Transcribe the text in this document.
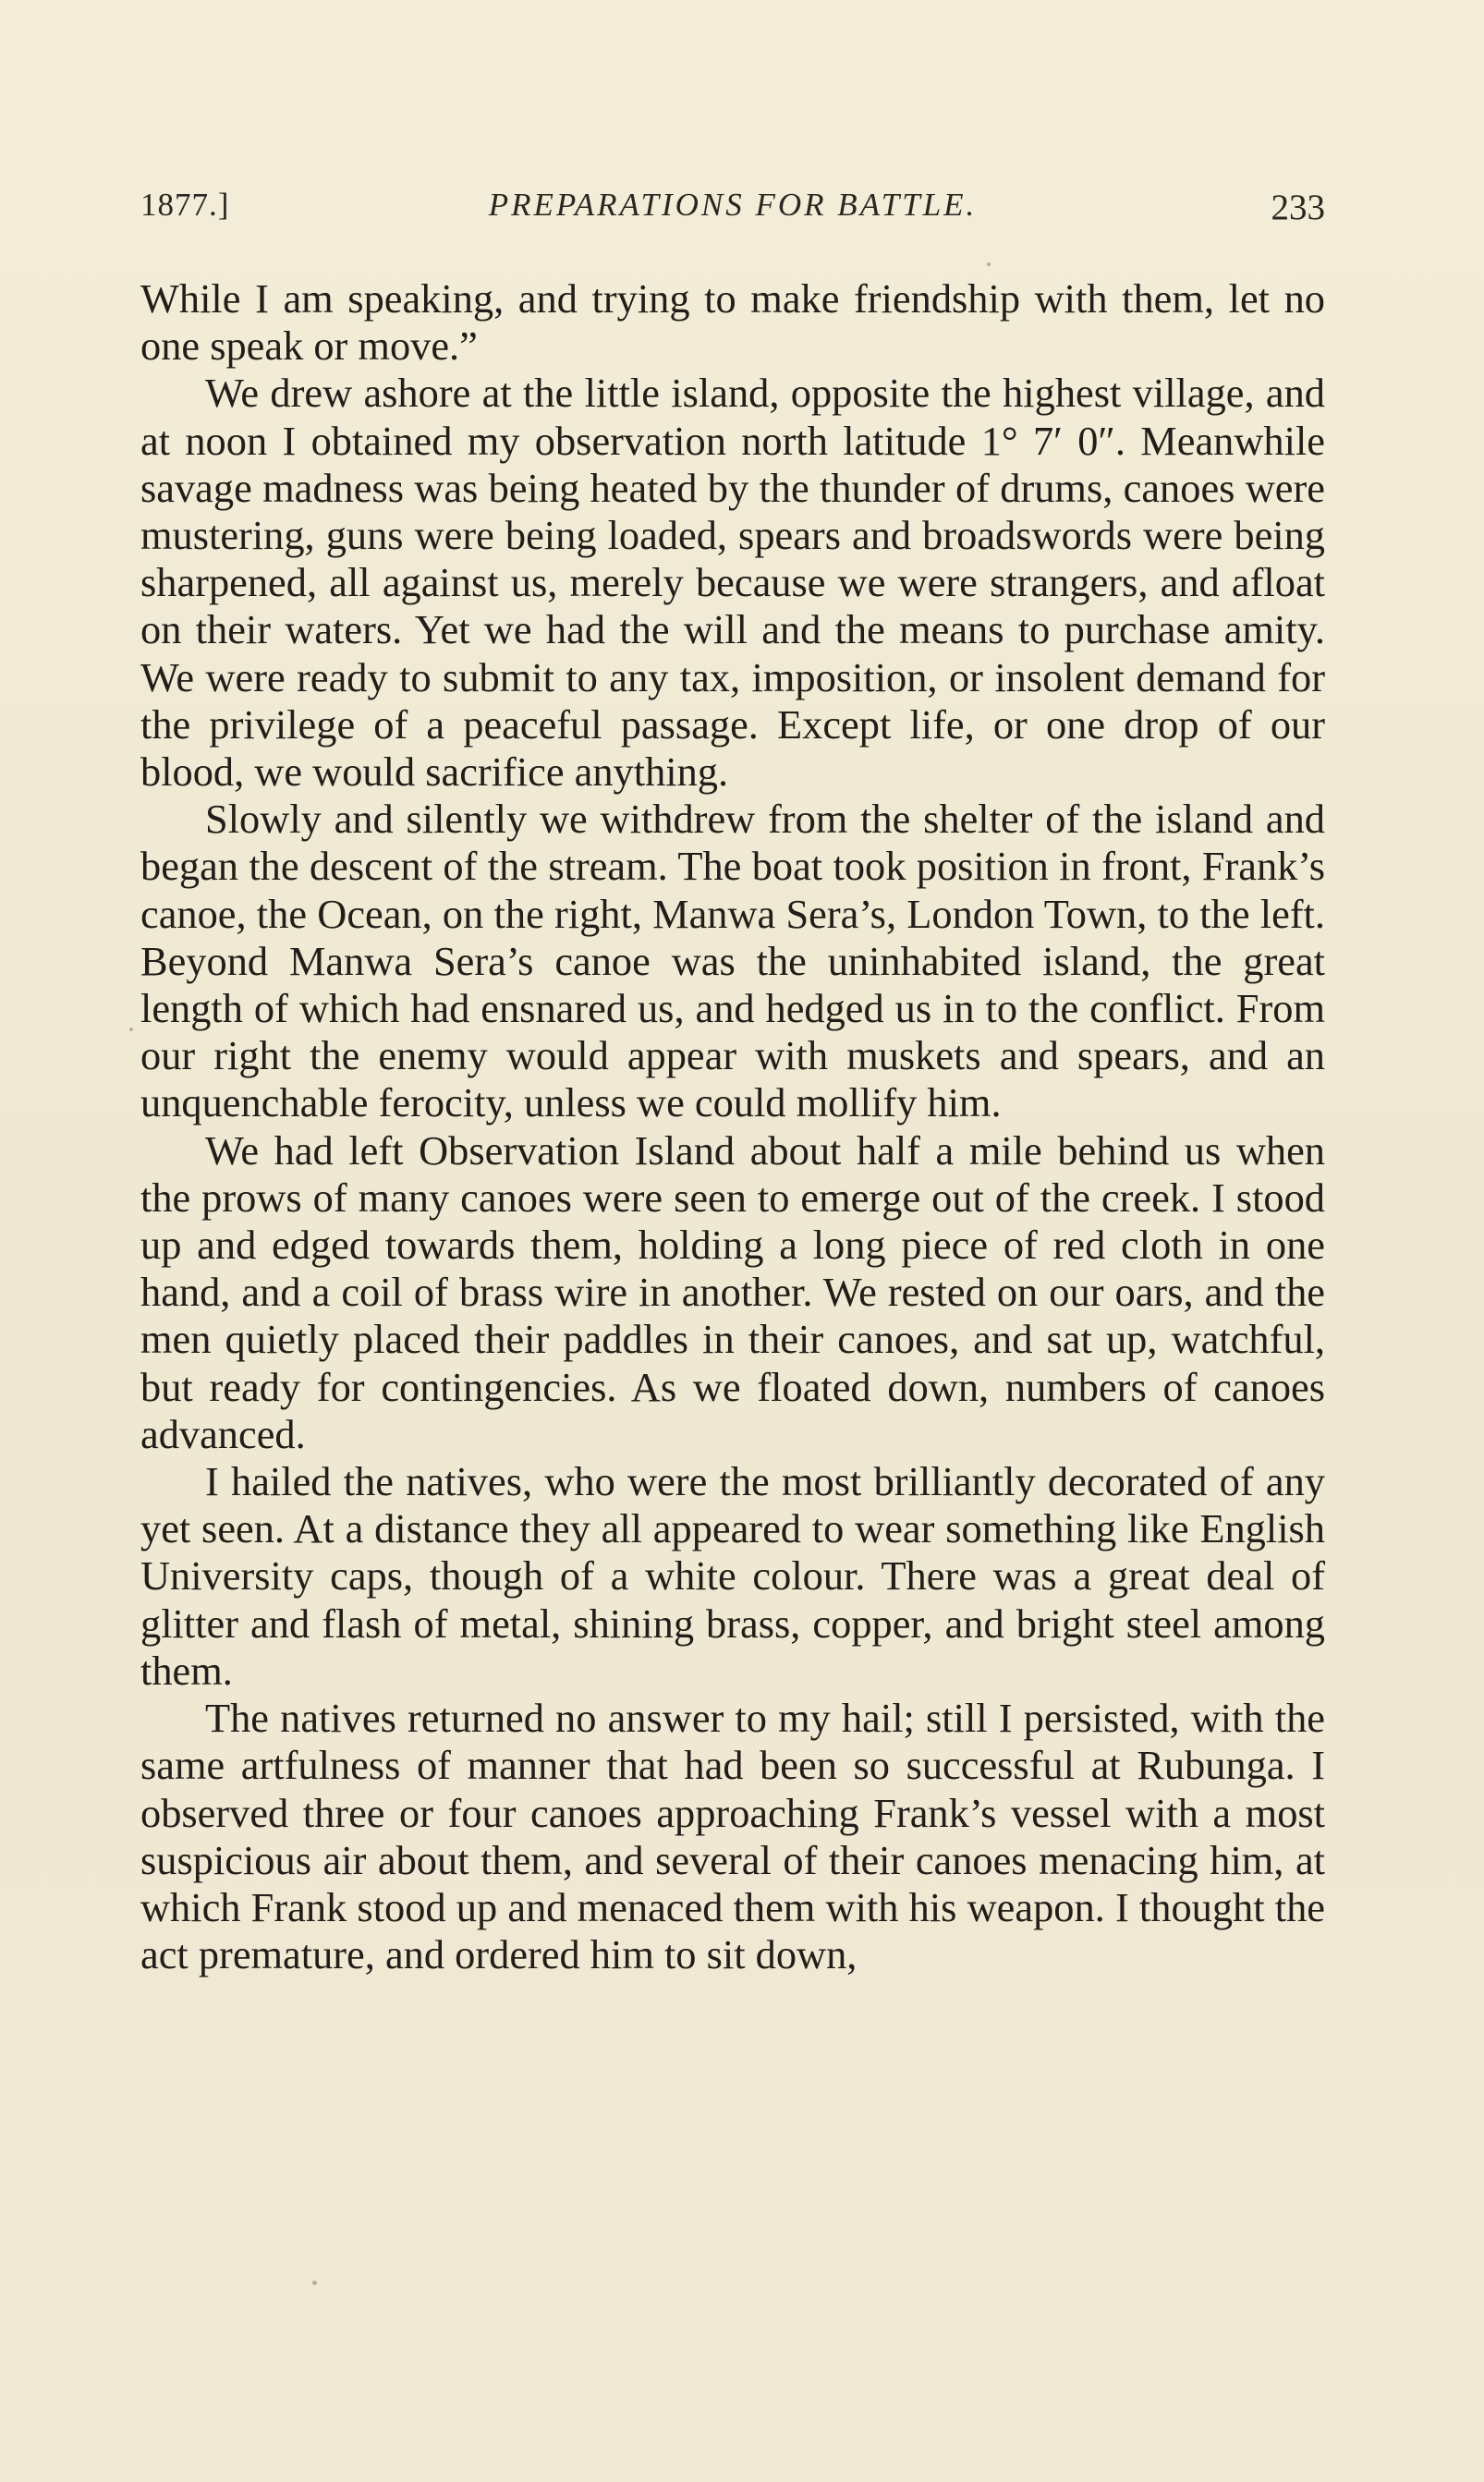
1877.]	PREPARATIONS FOR BATTLE.	233

While I am speaking, and trying to make friendship with them, let no one speak or move.”

We drew ashore at the little island, opposite the highest village, and at noon I obtained my observation north latitude 1° 7′ 0″. Meanwhile savage madness was being heated by the thunder of drums, canoes were mustering, guns were being loaded, spears and broadswords were being sharpened, all against us, merely because we were strangers, and afloat on their waters. Yet we had the will and the means to purchase amity. We were ready to submit to any tax, imposition, or insolent demand for the privilege of a peaceful passage. Except life, or one drop of our blood, we would sacrifice anything.

Slowly and silently we withdrew from the shelter of the island and began the descent of the stream. The boat took position in front, Frank’s canoe, the Ocean, on the right, Manwa Sera’s, London Town, to the left. Beyond Manwa Sera’s canoe was the uninhabited island, the great length of which had ensnared us, and hedged us in to the conflict. From our right the enemy would appear with muskets and spears, and an unquenchable ferocity, unless we could mollify him.

We had left Observation Island about half a mile behind us when the prows of many canoes were seen to emerge out of the creek. I stood up and edged towards them, holding a long piece of red cloth in one hand, and a coil of brass wire in another. We rested on our oars, and the men quietly placed their paddles in their canoes, and sat up, watchful, but ready for contingencies. As we floated down, numbers of canoes advanced.

I hailed the natives, who were the most brilliantly decorated of any yet seen. At a distance they all appeared to wear something like English University caps, though of a white colour. There was a great deal of glitter and flash of metal, shining brass, copper, and bright steel among them.

The natives returned no answer to my hail; still I persisted, with the same artfulness of manner that had been so successful at Rubunga. I observed three or four canoes approaching Frank’s vessel with a most suspicious air about them, and several of their canoes menacing him, at which Frank stood up and menaced them with his weapon. I thought the act premature, and ordered him to sit down,
